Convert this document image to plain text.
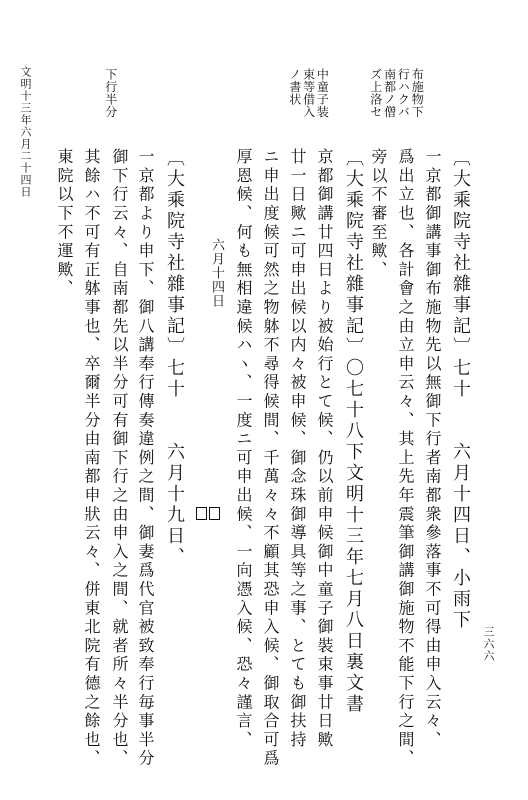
三六六
文明十三年六月二十四日	布施物下行ハクバ南都ノ僧ズ上洛セ
中童子装束等借入ノ書状
下行半分
〔大乘院寺社雜事記〕七十　　六月十四日、小雨下
一京都御講事御布施物先以無御下行者南都衆參落事不可得由申入云々、
爲出立也、各計會之由立申云々、其上先年震筆御講御施物不能下行之間、
旁以不審至歟、
〔大乘院寺社雜事記〕〇七十八下文明十三年七月八日裏文書
京都御講廿四日より被始行とて候、仍以前申候御中童子御裝束事廿日歟
廿一日歟ニ可申出候以内々被申候、御念珠御導具等之事、とても御扶持
ニ申出度候可然之物躰不尋得候間、千萬々々不顧其恐申入候、御取合可爲
厚恩候、何も無相違候ハヽ、一度ニ可申出候、一向憑入候、恐々謹言、
六月十四日
〔大乘院寺社雜事記〕七十　　六月十九日、
一京都より申下、御八講奉行傳奏違例之間、御妻爲代官被致奉行毎事半分
御下行云々、自南都先以半分可有御下行之由申入之間、就者所々半分也、
其餘ハ不可有正躰事也、卒爾半分由南都申狀云々、併東北院有德之餘也、
東院以下不運歟、
